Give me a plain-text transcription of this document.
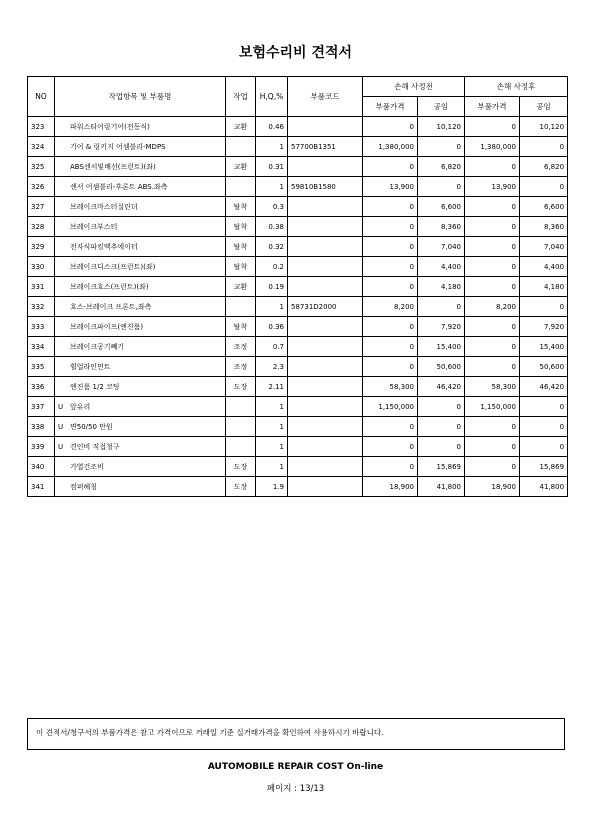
보험수리비 견적서
NO	작업항목 및 부품명	작업	H,Q,%	부품코드	손해 사정전		손해 사정후	
					부품가격	공임	부품가격	공임
323	파워스티어링기어(전동식)	교환	0.46		0	10,120	0	10,120
324	기어 & 링키지 어셈블리-MDPS		1	57700B1351	1,380,000	0	1,380,000	0
325	ABS센서및배선(프런트)(좌)	교환	0.31		0	6,820	0	6,820
326	센서 어셈블리-후론트 ABS.좌측		1	59810B1580	13,900	0	13,900	0
327	브레이크마스터실린더	탈착	0.3		0	6,600	0	6,600
328	브레이크부스터	탈착	0.38		0	8,360	0	8,360
329	전자식파킹액추에이터	탈착	0.32		0	7,040	0	7,040
330	브레이크디스크(프런트)(좌)	탈착	0.2		0	4,400	0	4,400
331	브레이크호스(프런트)(좌)	교환	0.19		0	4,180	0	4,180
332	호스-브레이크 프론트,좌측		1	58731D2000	8,200	0	8,200	0
333	브레이크파이프(엔진룸)	탈착	0.36		0	7,920	0	7,920
334	브레이크공기빼기	조정	0.7		0	15,400	0	15,400
335	휠얼라인먼트	조정	2.3		0	50,600	0	50,600
336	엔진룸 1/2 코팅	도장	2.11		58,300	46,420	58,300	46,420
337	U 앞유리		1		1,150,000	0	1,150,000	0
338	U 면50/50 만원		1		0	0	0	0
339	U 견인비 직접청구		1		0	0	0	0
340	가열건조비	도장	1		0	15,869	0	15,869
341	컴퍼헤칭	도장	1.9		18,900	41,800	18,900	41,800
이 견적서/청구서의 부품가격은 참고 가격이므로 거래일 기준 실거래가격을 확인하여 사용하시기 바랍니다.
AUTOMOBILE REPAIR COST On-line
페이지 : 13/13
